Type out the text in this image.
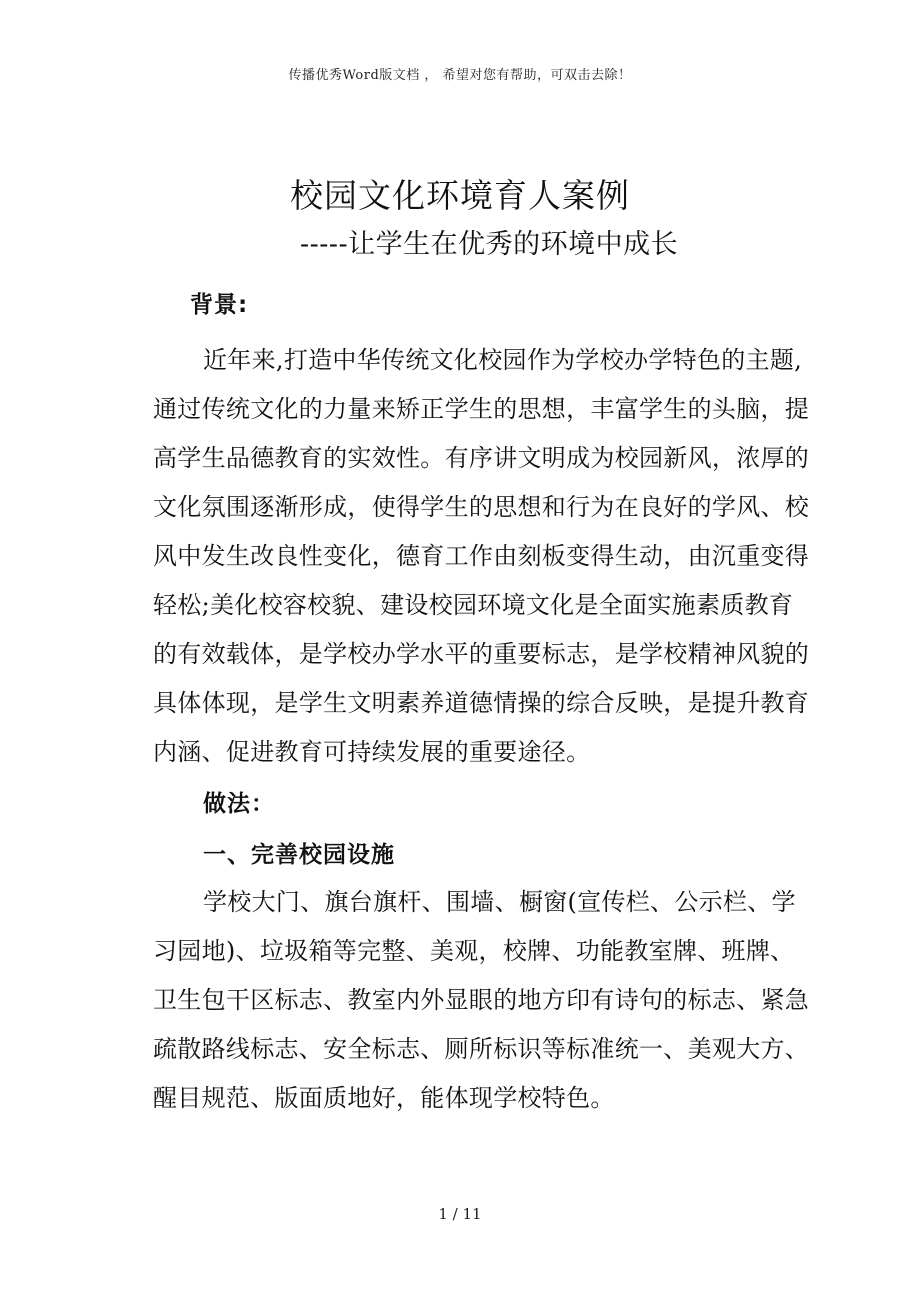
传播优秀Word版文档 ， 希望对您有帮助，可双击去除！
校园文化环境育人案例
-----让学生在优秀的环境中成长
背景:
近年来,打造中华传统文化校园作为学校办学特色的主题,
通过传统文化的力量来矫正学生的思想，丰富学生的头脑，提
高学生品德教育的实效性。有序讲文明成为校园新风，浓厚的
文化氛围逐渐形成，使得学生的思想和行为在良好的学风、校
风中发生改良性变化，德育工作由刻板变得生动，由沉重变得
轻松;美化校容校貌、建设校园环境文化是全面实施素质教育
的有效载体，是学校办学水平的重要标志，是学校精神风貌的
具体体现，是学生文明素养道德情操的综合反映，是提升教育
内涵、促进教育可持续发展的重要途径。
做法：
一、完善校园设施
学校大门、旗台旗杆、围墙、橱窗(宣传栏、公示栏、学
习园地)、垃圾箱等完整、美观，校牌、功能教室牌、班牌、
卫生包干区标志、教室内外显眼的地方印有诗句的标志、紧急
疏散路线标志、安全标志、厕所标识等标准统一、美观大方、
醒目规范、版面质地好，能体现学校特色。
1 / 11
